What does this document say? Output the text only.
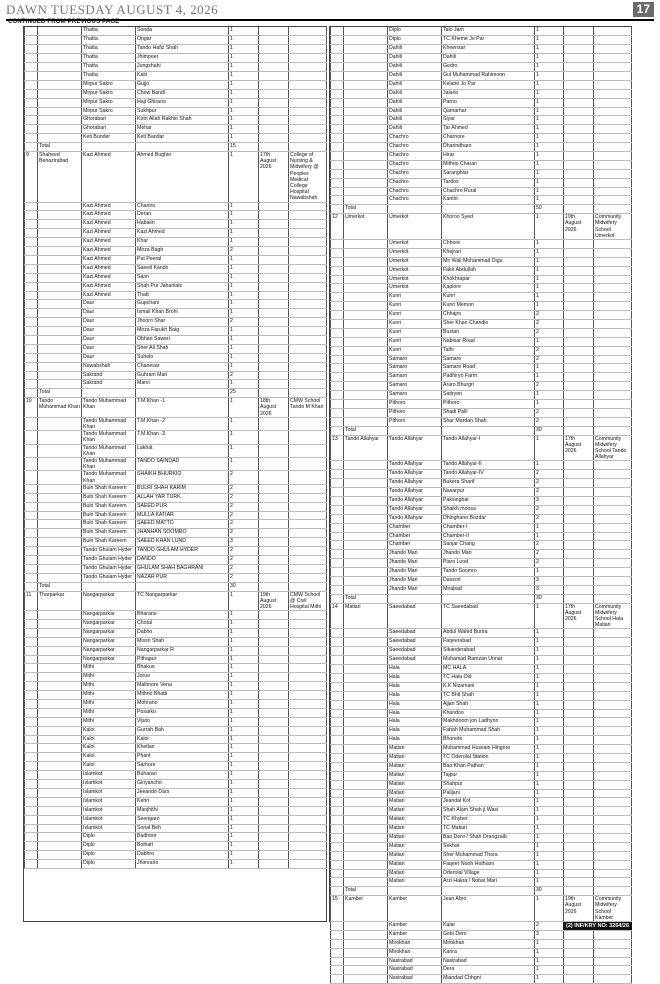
DAWN TUESDAY AUGUST 4, 2026	17
CONTINUED FROM PREVIOUS PAGE
		Thatta	Sonda	1		
		Thatta	Ongar	1		
		Thatta	Tando Hafiz Shah	1		
		Thatta	Jhimpeer	1		
		Thatta	Jungshahi	1		
		Thatta	Kalri	1		
		Mirpur Sakro	Gujjo	1		
		Mirpur Sakro	Chow Bandi	1		
		Mirpur Sakro	Haji Ghirano	1		
		Mirpur Sakro	Sukhpur	1		
		Ghorabari	Kotri Allah Rakhio Shah	1		
		Ghorabari	Mehar	1		
		Keti Bunder	Keti Bandar	1		
	Total			15		
9	Shaheed Benazirabad	Kazi Ahmed	Ahmed Bughio	1	17th August 2026	College of Nursing & Midwifery @ Peoples Medical College Hospital Nawabshah
		Kazi Ahmed	Chaniro	1		
		Kazi Ahmed	Deran	1		
		Kazi Ahmed	Habaiin	1		
		Kazi Ahmed	Kazi Ahmed	1		
		Kazi Ahmed	Khar	1		
		Kazi Ahmed	Mirza Bagh	2		
		Kazi Ahmed	Pat Peeral	1		
		Kazi Ahmed	Saeed Kando	1		
		Kazi Ahmed	Sann	1		
		Kazi Ahmed	Shah Pur Jahaniatc	1		
		Kazi Ahmed	Thatt	1		
		Daur	Gupchani	1		
		Daur	Ismail Khan Brohi	1		
		Daur	Jhooro Shar	2		
		Daur	Mirza Farukh Baig	1		
		Daur	Obhari Saweri	1		
		Daur	Sher Ali Shah	1		
		Daur	Suhelo	1		
		Nawabshah	Chanesar	1		
		Sakrand	Guhram Mari	2		
		Sakrand	Marvi	1		
	Total			25		
10	Tando Muhammad Khan	Tando Muhammad Khan	T.M.Khan -1	1	18th August 2026	CMW School Tando M Khan
		Tando Muhammad Khan	T.M.Khan -2	1		
		Tando Muhammad Khan	T.M.Khan -3	1		
		Tando Muhammad Khan	Lakhat	1		
		Tando Muhammad Khan	TANDO SAINDAD	1		
		Tando Muhammad Khan	SHAIKH BHURKIO	2		
		Bulri Shah Kareem	BULRI SHAH KARIM	2		
		Bulri Shah Kareem	ALLAH YAR TURK	2		
		Bulri Shah Kareem	SAEED PUR	2		
		Bulri Shah Kareem	MULLA KATIAR	2		
		Bulri Shah Kareem	SAEED MATTO	2		
		Bulri Shah Kareem	JHANHAN SOOMRO	2		
		Bulri Shah Kareem	SAEED KHAN LUND	3		
		Tando Ghulam Hyder	TANDO GHULAM HYDER	2		
		Tando Ghulam Hyder	DANDO	2		
		Tando Ghulam Hyder	GHULAM SHAH BAGHRANI	2		
		Tando Ghulam Hyder	NAZAR PUR	2		
	Total			30		
11	Tharparkar	Nangarparkar	TC Nangarparkar	1	19th August 2026	CMW School @ Civil Hospital Mithi
		Nangarparkar	Bharano	1		
		Nangarparkar	Chotal	1		
		Nangarparkar	Dabho	1		
		Nangarparkar	Missri Shah	1		
		Nangarparkar	Nangarparkar R	1		
		Nangarparkar	Pithapur	1		
		Mithi	Bhakuo	1		
		Mithi	Joruo	1		
		Mithi	Malhnore Vena	1		
		Mithi	Mithrio Bhatti	1		
		Mithi	Mohrano	1		
		Mithi	Posarko	1		
		Mithi	Vijuto	1		
		Kaloi	Gurrah Bah	1		
		Kaloi	Kaloi	1		
		Kaloi	Khetlari	1		
		Kaloi	Phant	1		
		Kaloi	Sarhore	1		
		Islamkot	Buharari	1		
		Islamkot	Giriyancho	1		
		Islamkot	Jeeando Dars	1		
		Islamkot	Kehri	1		
		Islamkot	Manjhithi	1		
		Islamkot	Seengaro	1		
		Islamkot	Sonal Beh	1		
		Diplo	Badhoor	1		
		Diplo	Bolhari	1		
		Diplo	Dabhro	1		
		Diplo	Jhimrario	1		
		Diplo	Talo Jam	1		
		Diplo	TC Kheme Jo Par	1		
		Dahili	Kheensar	1		
		Dahili	Dahili	1		
		Dahili	Gedro	1		
		Dahili	Gul Muhammad Rahimoon	1		
		Dahili	Kelario Jo Par	1		
		Dahili	Jalario	1		
		Dahili	Parno	1		
		Dahili	Qamarhar	1		
		Dahili	Siyar	1		
		Dahili	Tar Ahmed	1		
		Chachro	Charnore	1		
		Chachro	Dharindharo	1		
		Chachro	Hirar	1		
		Chachro	Mithrio Charan	1		
		Chachro	Saranghiar	1		
		Chachro	Tardos	1		
		Chachro	Chachro Rural	1		
		Chachro	Kantio	1		
	Total			50		
12	Umerkot	Umerkot	Khoroo Syed	1	19th August 2026	Community Midwifery School Umerkot
		Umerkot	Chhore	1		
		Umerkot	Khejrari	1		
		Umerkot	Mir Wali Mohammad Digu	1		
		Umerkot	Fakir Abdullah	1		
		Umerkot	Khokhrapar	1		
		Umerkot	Kaplore	1		
		Kunri	Kunri	1		
		Kunri	Kunri Memon	1		
		Kunri	Chhajro	2		
		Kunri	Sher Khan Chandio	2		
		Kunri	Bustan	2		
		Kunri	Nabisar Road	1		
		Kunri	Talhi	2		
		Samaro	Samaro	2		
		Samaro	Samaro Road	1		
		Samaro	Padhiryo Farm	1		
		Samaro	Araro Bhurgri	2		
		Samaro	Satiryon	1		
		Pithoro	Pithoro	1		
		Pithoro	Shadi Palli	2		
		Pithoro	Shar Mardan Shah	2		
	Total			30		
13	Tando Allahyar	Tando Allahyar	Tando Allahyar-I	1	17th August 2026	Community Midwifery School Tando Allahyar
		Tando Allahyar	Tando Allahyar-II	1		
		Tando Allahyar	Tando Allahyar-IV	2		
		Tando Allahyar	Bukera Sharif	2		
		Tando Allahyar	Nasarpur	2		
		Tando Allahyar	Paksinghar	3		
		Tando Allahyar	Shaikh moosa	2		
		Tando Allahyar	Dhinghano Bozdar	2		
		Chamber	Chamber-I	1		
		Chamber	Chamber-II	1		
		Chamber	Sanjar Chang	2		
		Jhando Mari	Jhando Mari	2		
		Jhando Mari	Piaro Lund	2		
		Jhando Mari	Tando Soomro	1		
		Jhando Mari	Dassori	3		
		Jhando Mari	Mirabad	3		
	Total			30		
14	Matiari	Saeedabad	TC Saeedabad	1	17th August 2026	Community Midwifery School Hala Matiari
		Saeedabad	Abdul Wahid Burira	1		
		Saeedabad	Faqeerabad	1		
		Saeedabad	Sikanderabad	1		
		Saeedabad	Muhamad Ramzan Unnar	1		
		Hala	MC HALA	1		
		Hala	TC Hala Old	1		
		Hala	K.K Nizamani	1		
		Hala	TC Bhit Shah	1		
		Hala	Ajjan Shah	1		
		Hala	Khandoo	1		
		Hala	Makhdoom jon Ladhyon	1		
		Hala	Fattah Muhammad Shah	1		
		Hala	Bhonote	1		
		Matiari	Muhammad Hussain Hingoro	1		
		Matiari	TC Oderolal Station	1		
		Matiari	Bao Khan Pathan	1		
		Matiari	Tajpur	1		
		Matiari	Shahpur	1		
		Matiari	Palijani	1		
		Matiari	Jeandal Kot	1		
		Matiari	Shah Alam Shah ji Wasi	1		
		Matiari	TC Khyber	1		
		Matiari	TC Matiari	1		
		Matiari	Bao Dero / Shah Orangzaib	1		
		Matiari	Sekhat	1		
		Matiari	Sher Muhammad Thora	1		
		Matiari	Faqeer Nooh Hothiani	1		
		Matiari	Oderolal Village	1		
		Matiari	Arzi Hakra / Nobat Mari	1		
	Total			30		
15	Kamber	Kamber	Jean Abro	1	19th August 2026	Community Midwifery School Kamber
		Kamber	Kalar	2		
		Kamber	Gebi Dero	3		
		Mirokhan	Mirokhan	1		
		Mirokhan	Karira	1		
		Nasirabad	Nasirabad	1		
		Nasirabad	Dera	1		
		Nasirabad	Miandad Chhgni	1		
(2) INF/KRY NO: 3264/26
